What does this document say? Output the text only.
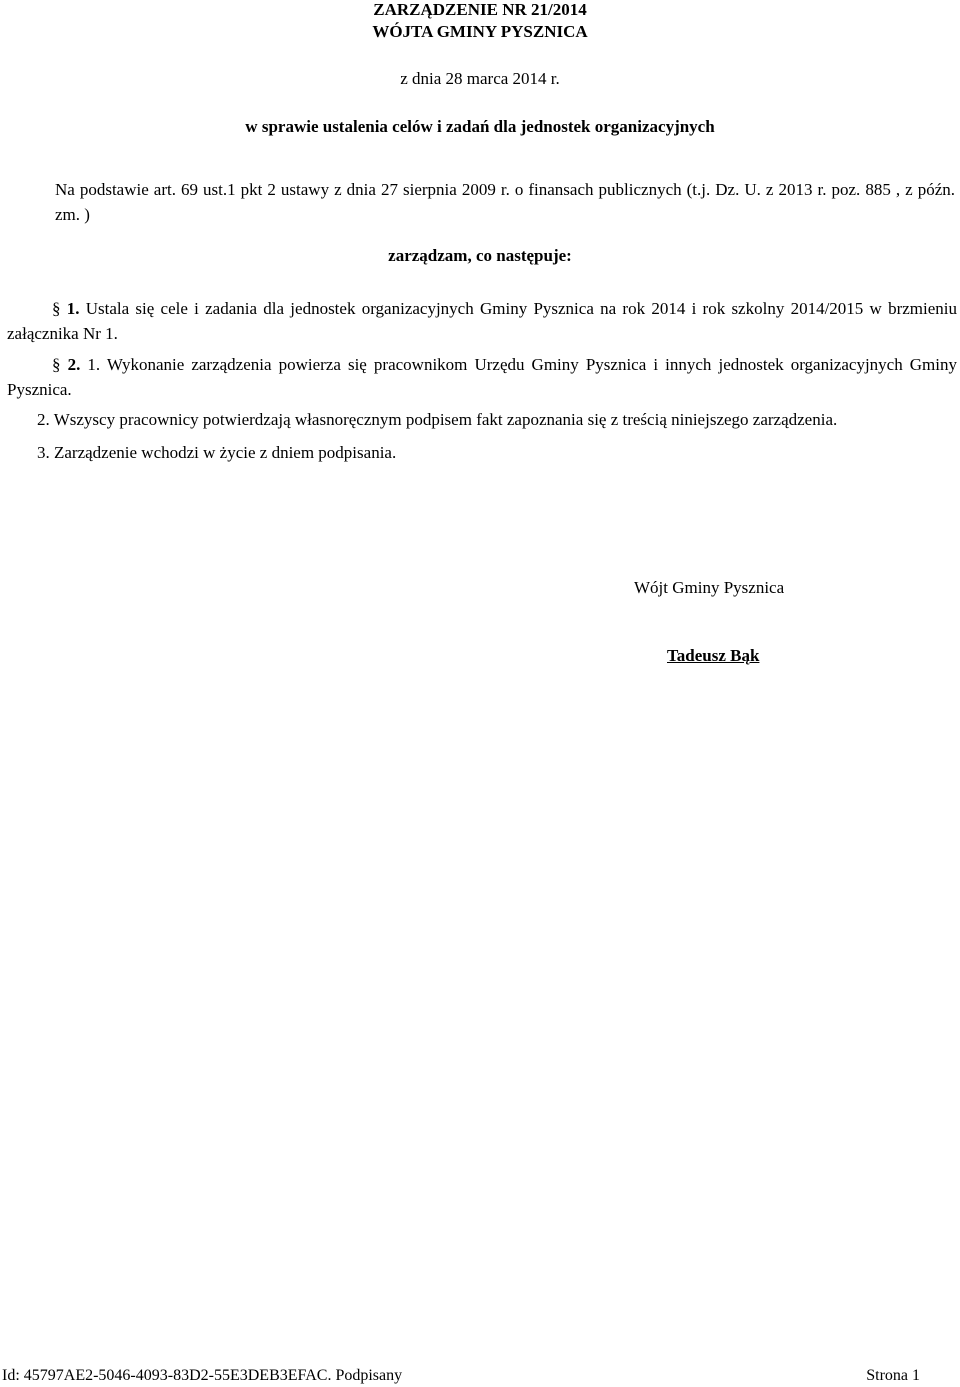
ZARZĄDZENIE NR 21/2014
WÓJTA GMINY PYSZNICA
z dnia 28 marca 2014 r.
w sprawie ustalenia celów i zadań dla jednostek organizacyjnych
Na podstawie art. 69 ust.1 pkt 2 ustawy z dnia 27 sierpnia 2009 r. o finansach publicznych (t.j. Dz. U. z 2013 r. poz. 885 , z późn. zm. )
zarządzam, co następuje:
§ 1. Ustala się cele i zadania dla jednostek organizacyjnych Gminy Pysznica na rok 2014 i rok szkolny 2014/2015 w brzmieniu załącznika Nr 1.
§ 2. 1. Wykonanie zarządzenia powierza się pracownikom Urzędu Gminy Pysznica i innych jednostek organizacyjnych Gminy Pysznica.
2. Wszyscy pracownicy potwierdzają własnoręcznym podpisem fakt zapoznania się z treścią niniejszego zarządzenia.
3. Zarządzenie wchodzi w życie z dniem podpisania.
Wójt Gminy Pysznica
Tadeusz Bąk
Id: 45797AE2-5046-4093-83D2-55E3DEB3EFAC. Podpisany	Strona 1
